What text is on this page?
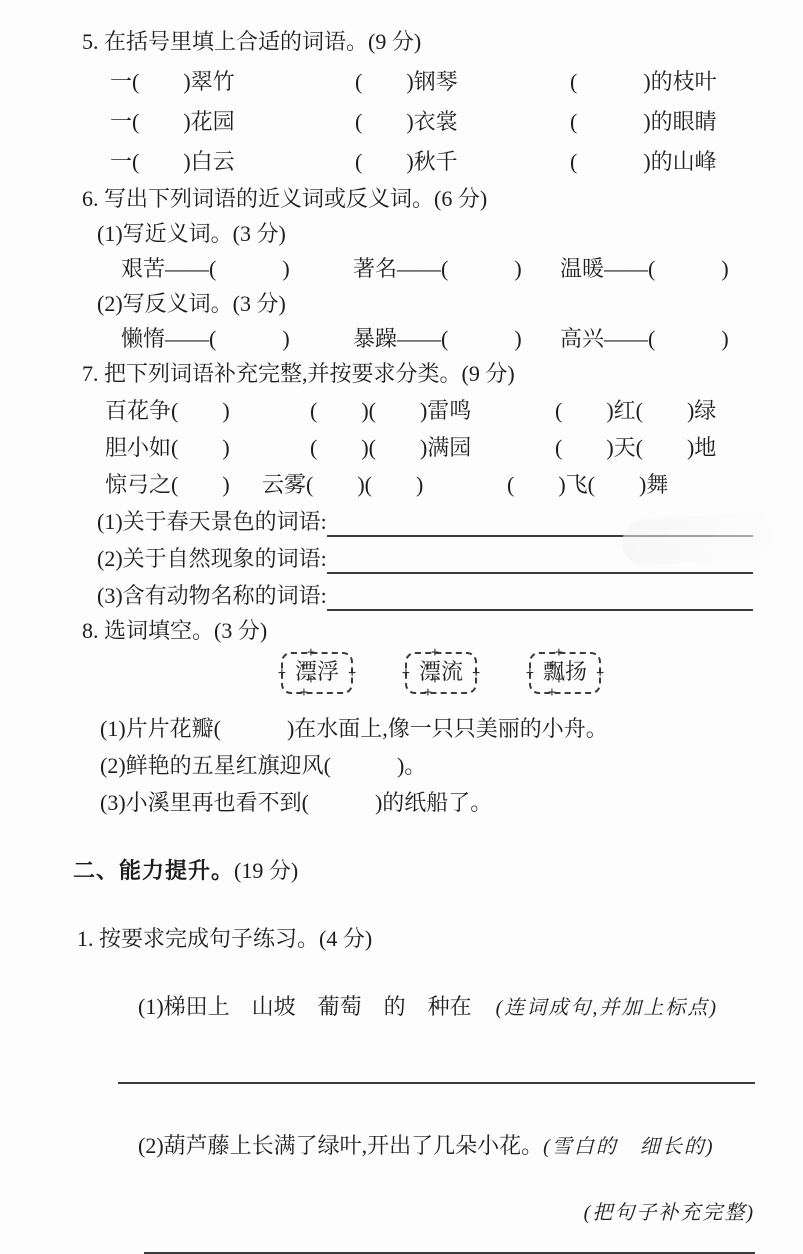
5. 在括号里填上合适的词语。(9 分)
一(　　)翠竹	(　　)钢琴	(　　　)的枝叶
一(　　)花园	(　　)衣裳	(　　　)的眼睛
一(　　)白云	(　　)秋千	(　　　)的山峰
6. 写出下列词语的近义词或反义词。(6 分)
(1)写近义词。(3 分)
艰苦——(　　　)	著名——(　　　)	温暖——(　　　)
(2)写反义词。(3 分)
懒惰——(　　　)	暴躁——(　　　)	高兴——(　　　)
7. 把下列词语补充完整,并按要求分类。(9 分)
百花争(　　)	(　　)(　　)雷鸣	(　　)红(　　)绿
胆小如(　　)	(　　)(　　)满园	(　　)天(　　)地
惊弓之(　　)	云雾(　　)(　　)	(　　)飞(　　)舞
(1)关于春天景色的词语:
(2)关于自然现象的词语:
(3)含有动物名称的词语:
8. 选词填空。(3 分)
+ + + 漂浮 + + +	+ + + 漂流 + + +	+ + + 飘扬 + + +
(1)片片花瓣(　　　)在水面上,像一只只美丽的小舟。
(2)鲜艳的五星红旗迎风(　　　)。
(3)小溪里再也看不到(　　　)的纸船了。

二、能力提升。(19 分)

1. 按要求完成句子练习。(4 分)

(1)梯田上　山坡　葡萄　的　种在 (连词成句,并加上标点)

(2)葫芦藤上长满了绿叶,开出了几朵小花。(雪白的　细长的)

(把句子补充完整)
